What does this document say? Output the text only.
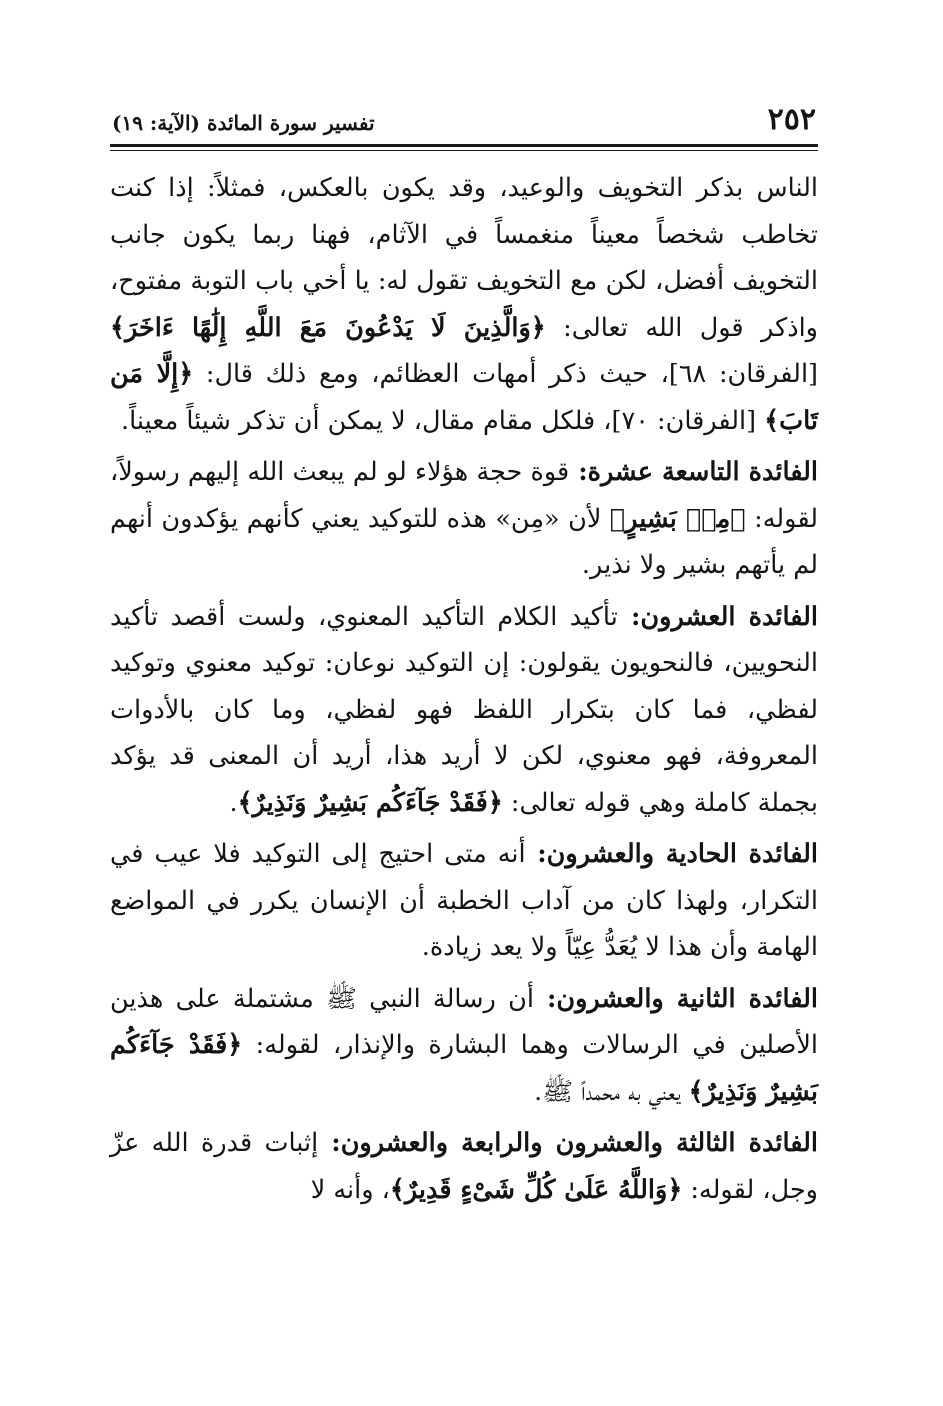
٢٥٢
تفسير سورة المائدة (الآية: ١٩)

الناس بذكر التخويف والوعيد، وقد يكون بالعكس، فمثلاً: إذا كنت تخاطب شخصاً معيناً منغمساً في الآثام، فهنا ربما يكون جانب التخويف أفضل، لكن مع التخويف تقول له: يا أخي باب التوبة مفتوح، واذكر قول الله تعالى: ﴿وَالَّذِينَ لَا يَدْعُونَ مَعَ اللَّهِ إِلَٰهًا ءَاخَرَ﴾ [الفرقان: ٦٨]، حيث ذكر أمهات العظائم، ومع ذلك قال: ﴿إِلَّا مَن تَابَ﴾ [الفرقان: ٧٠]، فلكل مقام مقال، لا يمكن أن تذكر شيئاً معيناً.

الفائدة التاسعة عشرة: قوة حجة هؤلاء لو لم يبعث الله إليهم رسولاً، لقوله: ﴿مِنۢ بَشِيرٍ﴾ لأن «مِن» هذه للتوكيد يعني كأنهم يؤكدون أنهم لم يأتهم بشير ولا نذير.

الفائدة العشرون: تأكيد الكلام التأكيد المعنوي، ولست أقصد تأكيد النحويين، فالنحويون يقولون: إن التوكيد نوعان: توكيد معنوي وتوكيد لفظي، فما كان بتكرار اللفظ فهو لفظي، وما كان بالأدوات المعروفة، فهو معنوي، لكن لا أريد هذا، أريد أن المعنى قد يؤكد بجملة كاملة وهي قوله تعالى: ﴿فَقَدْ جَآءَكُم بَشِيرٌ وَنَذِيرٌ﴾.

الفائدة الحادية والعشرون: أنه متى احتيج إلى التوكيد فلا عيب في التكرار، ولهذا كان من آداب الخطبة أن الإنسان يكرر في المواضع الهامة وأن هذا لا يُعَدُّ عِيّاً ولا يعد زيادة.

الفائدة الثانية والعشرون: أن رسالة النبي ﷺ مشتملة على هذين الأصلين في الرسالات وهما البشارة والإنذار، لقوله: ﴿فَقَدْ جَآءَكُم بَشِيرٌ وَنَذِيرٌ﴾ يعني به محمداً ﷺ.

الفائدة الثالثة والعشرون والرابعة والعشرون: إثبات قدرة الله عزّ وجل، لقوله: ﴿وَاللَّهُ عَلَىٰ كُلِّ شَىْءٍ قَدِيرٌ﴾، وأنه لا
